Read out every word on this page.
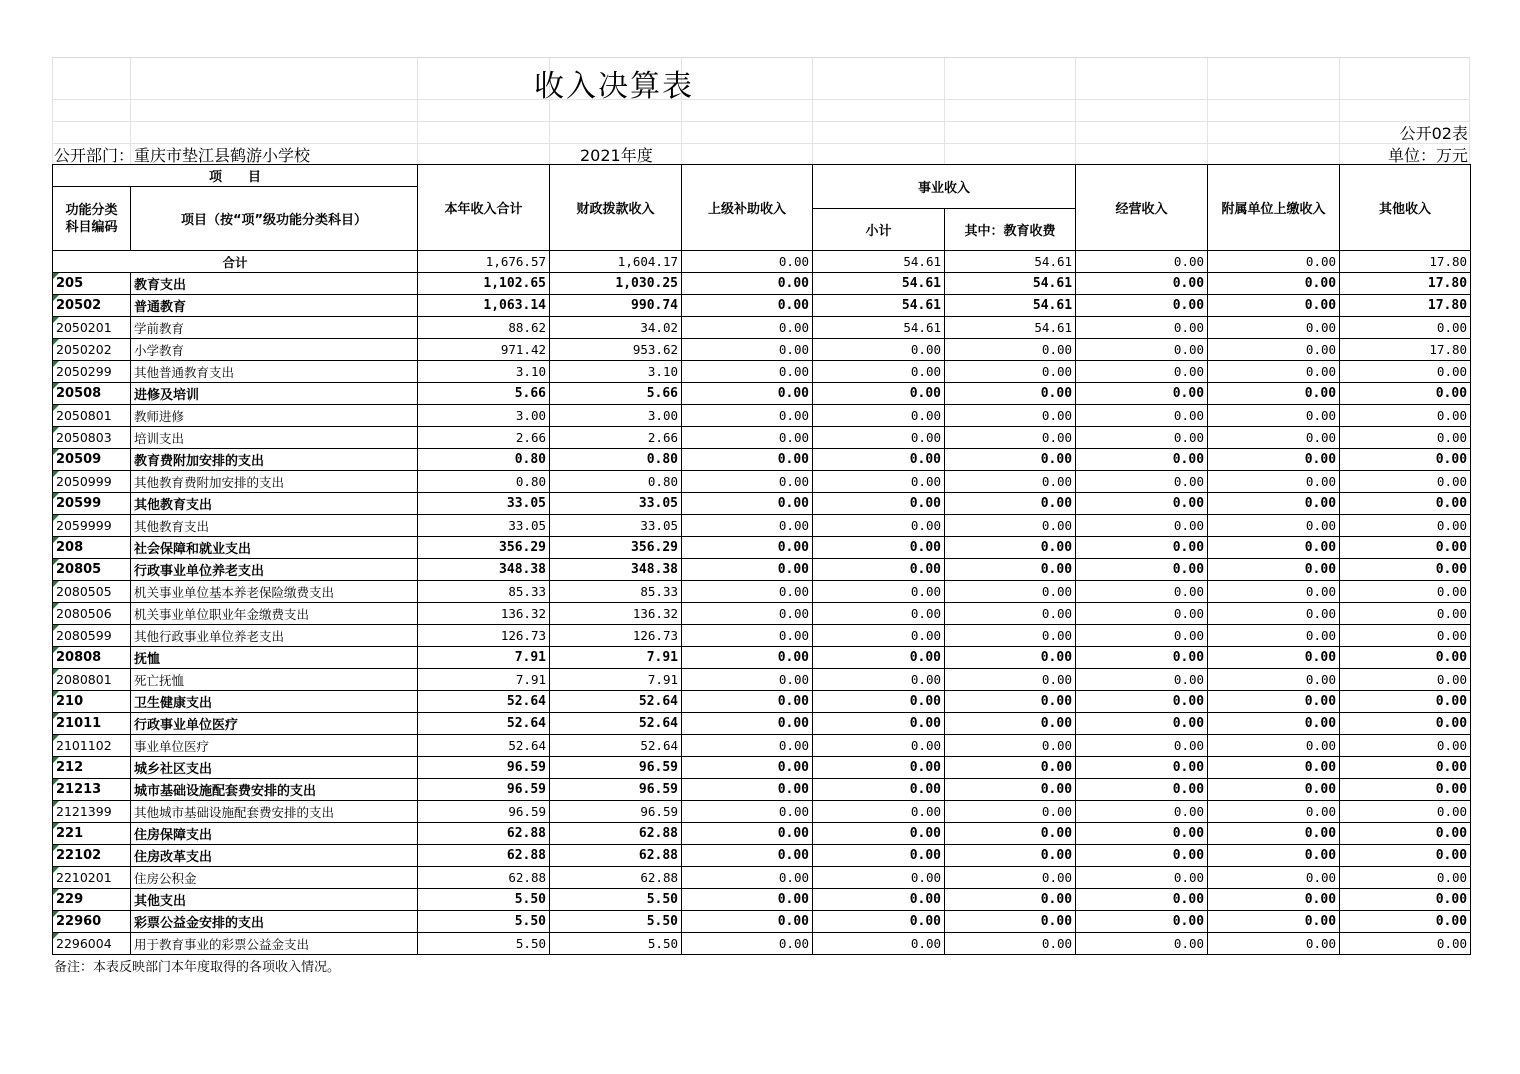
收入决算表
公开02表
公开部门：重庆市垫江县鹤游小学校	2021年度	单位：万元
项　　目		本年收入合计	财政拨款收入	上级补助收入	事业收入		经营收入	附属单位上缴收入	其他收入
功能分类
科目编码	项目（按“项”级功能分类科目）								
					小计	其中：教育收费			
合计		1,676.57	1,604.17	0.00	54.61	54.61	0.00	0.00	17.80
205	教育支出	1,102.65	1,030.25	0.00	54.61	54.61	0.00	0.00	17.80
20502	普通教育	1,063.14	990.74	0.00	54.61	54.61	0.00	0.00	17.80
2050201	学前教育	88.62	34.02	0.00	54.61	54.61	0.00	0.00	0.00
2050202	小学教育	971.42	953.62	0.00	0.00	0.00	0.00	0.00	17.80
2050299	其他普通教育支出	3.10	3.10	0.00	0.00	0.00	0.00	0.00	0.00
20508	进修及培训	5.66	5.66	0.00	0.00	0.00	0.00	0.00	0.00
2050801	教师进修	3.00	3.00	0.00	0.00	0.00	0.00	0.00	0.00
2050803	培训支出	2.66	2.66	0.00	0.00	0.00	0.00	0.00	0.00
20509	教育费附加安排的支出	0.80	0.80	0.00	0.00	0.00	0.00	0.00	0.00
2050999	其他教育费附加安排的支出	0.80	0.80	0.00	0.00	0.00	0.00	0.00	0.00
20599	其他教育支出	33.05	33.05	0.00	0.00	0.00	0.00	0.00	0.00
2059999	其他教育支出	33.05	33.05	0.00	0.00	0.00	0.00	0.00	0.00
208	社会保障和就业支出	356.29	356.29	0.00	0.00	0.00	0.00	0.00	0.00
20805	行政事业单位养老支出	348.38	348.38	0.00	0.00	0.00	0.00	0.00	0.00
2080505	机关事业单位基本养老保险缴费支出	85.33	85.33	0.00	0.00	0.00	0.00	0.00	0.00
2080506	机关事业单位职业年金缴费支出	136.32	136.32	0.00	0.00	0.00	0.00	0.00	0.00
2080599	其他行政事业单位养老支出	126.73	126.73	0.00	0.00	0.00	0.00	0.00	0.00
20808	抚恤	7.91	7.91	0.00	0.00	0.00	0.00	0.00	0.00
2080801	死亡抚恤	7.91	7.91	0.00	0.00	0.00	0.00	0.00	0.00
210	卫生健康支出	52.64	52.64	0.00	0.00	0.00	0.00	0.00	0.00
21011	行政事业单位医疗	52.64	52.64	0.00	0.00	0.00	0.00	0.00	0.00
2101102	事业单位医疗	52.64	52.64	0.00	0.00	0.00	0.00	0.00	0.00
212	城乡社区支出	96.59	96.59	0.00	0.00	0.00	0.00	0.00	0.00
21213	城市基础设施配套费安排的支出	96.59	96.59	0.00	0.00	0.00	0.00	0.00	0.00
2121399	其他城市基础设施配套费安排的支出	96.59	96.59	0.00	0.00	0.00	0.00	0.00	0.00
221	住房保障支出	62.88	62.88	0.00	0.00	0.00	0.00	0.00	0.00
22102	住房改革支出	62.88	62.88	0.00	0.00	0.00	0.00	0.00	0.00
2210201	住房公积金	62.88	62.88	0.00	0.00	0.00	0.00	0.00	0.00
229	其他支出	5.50	5.50	0.00	0.00	0.00	0.00	0.00	0.00
22960	彩票公益金安排的支出	5.50	5.50	0.00	0.00	0.00	0.00	0.00	0.00
2296004	用于教育事业的彩票公益金支出	5.50	5.50	0.00	0.00	0.00	0.00	0.00	0.00
备注：本表反映部门本年度取得的各项收入情况。
